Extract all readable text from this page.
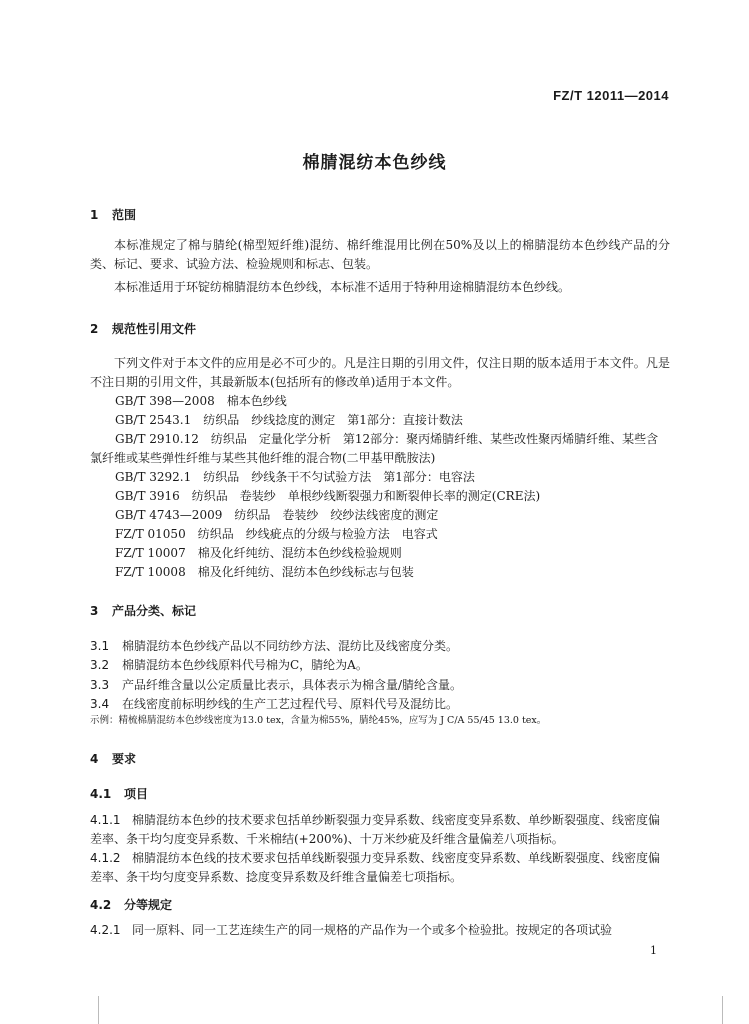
FZ/T 12011—2014
棉腈混纺本色纱线
1 范围
本标准规定了棉与腈纶(棉型短纤维)混纺、棉纤维混用比例在50%及以上的棉腈混纺本色纱线产品的分类、标记、要求、试验方法、检验规则和标志、包装。
本标准适用于环锭纺棉腈混纺本色纱线，本标准不适用于特种用途棉腈混纺本色纱线。
2 规范性引用文件
下列文件对于本文件的应用是必不可少的。凡是注日期的引用文件，仅注日期的版本适用于本文件。凡是不注日期的引用文件，其最新版本(包括所有的修改单)适用于本文件。
GB/T 398—2008　棉本色纱线
GB/T 2543.1　纺织品　纱线捻度的测定　第1部分：直接计数法
GB/T 2910.12　纺织品　定量化学分析　第12部分：聚丙烯腈纤维、某些改性聚丙烯腈纤维、某些含氯纤维或某些弹性纤维与某些其他纤维的混合物(二甲基甲酰胺法)
GB/T 3292.1　纺织品　纱线条干不匀试验方法　第1部分：电容法
GB/T 3916　纺织品　卷装纱　单根纱线断裂强力和断裂伸长率的测定(CRE法)
GB/T 4743—2009　纺织品　卷装纱　绞纱法线密度的测定
FZ/T 01050　纺织品　纱线疵点的分级与检验方法　电容式
FZ/T 10007　棉及化纤纯纺、混纺本色纱线检验规则
FZ/T 10008　棉及化纤纯纺、混纺本色纱线标志与包装
3 产品分类、标记
3.1 棉腈混纺本色纱线产品以不同纺纱方法、混纺比及线密度分类。
3.2 棉腈混纺本色纱线原料代号棉为C，腈纶为A。
3.3 产品纤维含量以公定质量比表示，具体表示为棉含量/腈纶含量。
3.4 在线密度前标明纱线的生产工艺过程代号、原料代号及混纺比。
示例：精梳棉腈混纺本色纱线密度为13.0 tex，含量为棉55%，腈纶45%，应写为 J C/A 55/45 13.0 tex。
4 要求
4.1 项目
4.1.1 棉腈混纺本色纱的技术要求包括单纱断裂强力变异系数、线密度变异系数、单纱断裂强度、线密度偏差率、条干均匀度变异系数、千米棉结(+200%)、十万米纱疵及纤维含量偏差八项指标。
4.1.2 棉腈混纺本色线的技术要求包括单线断裂强力变异系数、线密度变异系数、单线断裂强度、线密度偏差率、条干均匀度变异系数、捻度变异系数及纤维含量偏差七项指标。
4.2 分等规定
4.2.1 同一原料、同一工艺连续生产的同一规格的产品作为一个或多个检验批。按规定的各项试验
1
